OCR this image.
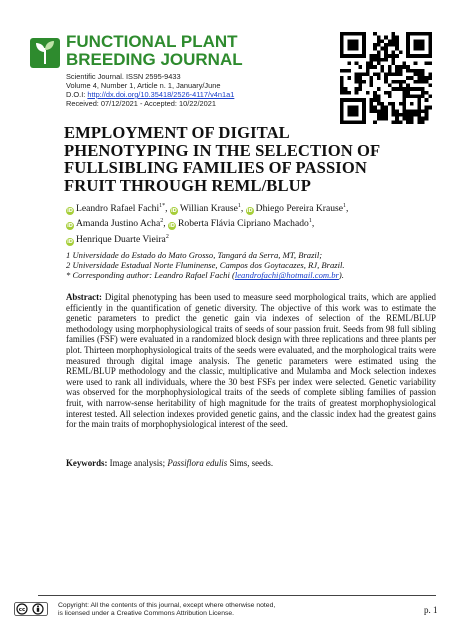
FUNCTIONAL PLANT
BREEDING JOURNAL
Scientific Journal. ISSN 2595-9433
Volume 4, Number 1, Article n. 1, January/June
D.O.I: http://dx.doi.org/10.35418/2526-4117/v4n1a1
Received: 07/12/2021 - Accepted: 10/22/2021
EMPLOYMENT OF DIGITAL
PHENOTYPING IN THE SELECTION OF
FULLSIBLING FAMILIES OF PASSION
FRUIT THROUGH REML/BLUP
iD Leandro Rafael Fachi$^{1*}$, iD Willian Krause$^1$, iD Dhiego Pereira Krause$^1$,
iD Amanda Justino Acha$^2$, iD Roberta Flávia Cipriano Machado$^1$,
iD Henrique Duarte Vieira$^2$
1 Universidade do Estado do Mato Grosso, Tangará da Serra, MT, Brazil;
2 Universidade Estadual Norte Fluminense, Campos dos Goytacazes, RJ, Brazil.
* Corresponding author: Leandro Rafael Fachi (leandrofachi@hotmail.com.br).
Abstract: Digital phenotyping has been used to measure seed morphological traits, which are applied efficiently in the quantification of genetic diversity. The objective of this work was to estimate the genetic parameters to predict the genetic gain via indexes of selection of the REML/BLUP methodology using morphophysiological traits of seeds of sour passion fruit. Seeds from 98 full sibling families (FSF) were evaluated in a randomized block design with three replications and three plants per plot. Thirteen morphophysiological traits of the seeds were evaluated, and the morphological traits were measured through digital image analysis. The genetic parameters were estimated using the REML/BLUP methodology and the classic, multiplicative and Mulamba and Mock selection indexes were used to rank all individuals, where the 30 best FSFs per index were selected. Genetic variability was observed for the morphophysiological traits of the seeds of complete sibling families of passion fruit, with narrow-sense heritability of high magnitude for the traits of greatest morphophysiological interest tested. All selection indexes provided genetic gains, and the classic index had the greatest gains for the main traits of morphophysiological interest of the seed.
Keywords: Image analysis; Passiflora edulis Sims, seeds.
cc
Copyright: All the contents of this journal, except where otherwise noted,
is licensed under a Creative Commons Attribution License.	p. 1
